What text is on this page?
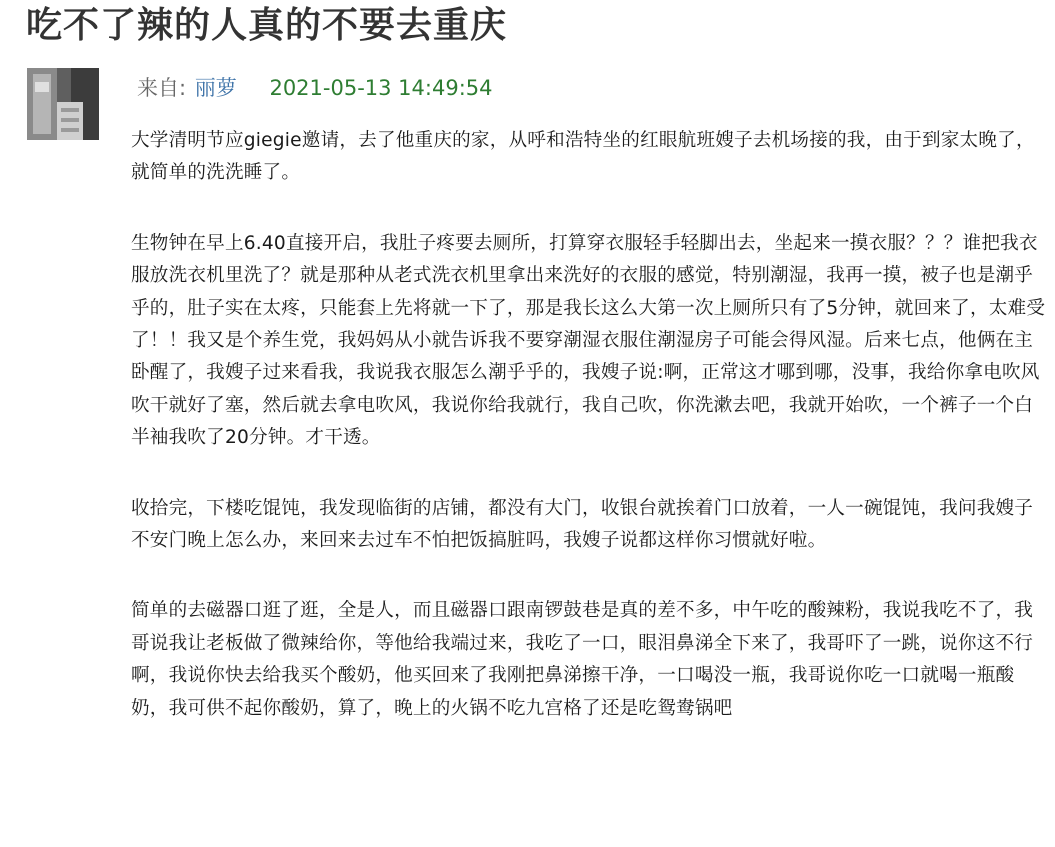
吃不了辣的人真的不要去重庆
来自: 丽萝 2021-05-13 14:49:54

大学清明节应giegie邀请，去了他重庆的家，从呼和浩特坐的红眼航班嫂子去机场接的我，由于到家太晚了，就简单的洗洗睡了。

生物钟在早上6.40直接开启，我肚子疼要去厕所，打算穿衣服轻手轻脚出去，坐起来一摸衣服？？？谁把我衣服放洗衣机里洗了？就是那种从老式洗衣机里拿出来洗好的衣服的感觉，特别潮湿，我再一摸，被子也是潮乎乎的，肚子实在太疼，只能套上先将就一下了，那是我长这么大第一次上厕所只有了5分钟，就回来了，太难受了！！我又是个养生党，我妈妈从小就告诉我不要穿潮湿衣服住潮湿房子可能会得风湿。后来七点，他俩在主卧醒了，我嫂子过来看我，我说我衣服怎么潮乎乎的，我嫂子说:啊，正常这才哪到哪，没事，我给你拿电吹风吹干就好了塞，然后就去拿电吹风，我说你给我就行，我自己吹，你洗漱去吧，我就开始吹，一个裤子一个白半袖我吹了20分钟。才干透。

收拾完，下楼吃馄饨，我发现临街的店铺，都没有大门，收银台就挨着门口放着，一人一碗馄饨，我问我嫂子不安门晚上怎么办，来回来去过车不怕把饭搞脏吗，我嫂子说都这样你习惯就好啦。

简单的去磁器口逛了逛，全是人，而且磁器口跟南锣鼓巷是真的差不多，中午吃的酸辣粉，我说我吃不了，我哥说我让老板做了微辣给你，等他给我端过来，我吃了一口，眼泪鼻涕全下来了，我哥吓了一跳，说你这不行啊，我说你快去给我买个酸奶，他买回来了我刚把鼻涕擦干净，一口喝没一瓶，我哥说你吃一口就喝一瓶酸奶，我可供不起你酸奶，算了，晚上的火锅不吃九宫格了还是吃鸳鸯锅吧
